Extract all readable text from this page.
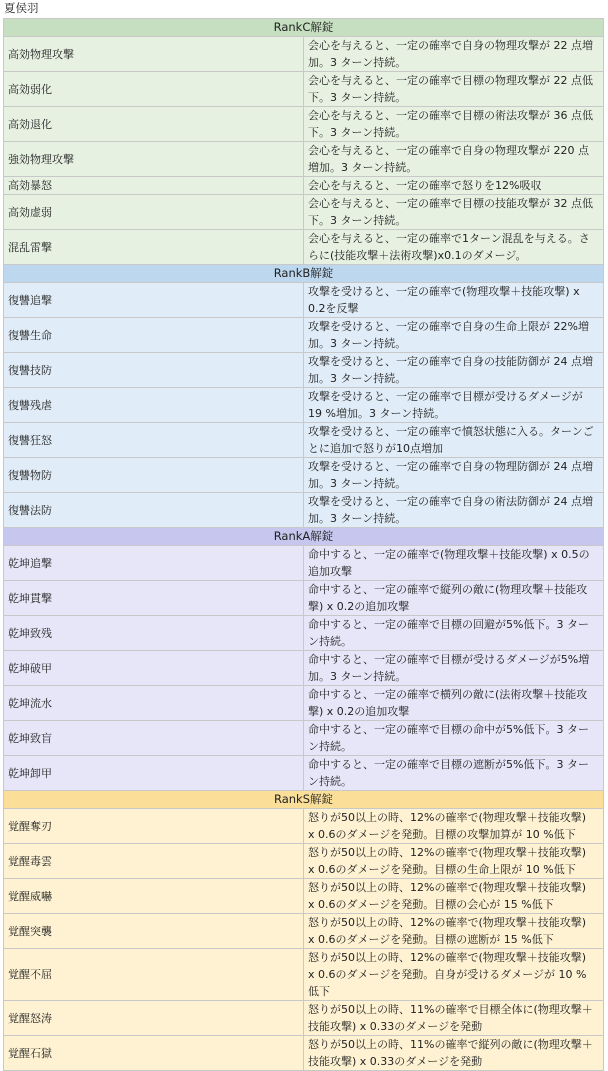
夏侯羽
RankC解錠	
高効物理攻撃	会心を与えると、一定の確率で自身の物理攻撃が 22 点増加。3 ターン持続。
高効弱化	会心を与えると、一定の確率で目標の物理攻撃が 22 点低下。3 ターン持続。
高効退化	会心を与えると、一定の確率で目標の術法攻撃が 36 点低下。3 ターン持続。
強効物理攻撃	会心を与えると、一定の確率で自身の物理攻撃が 220 点増加。3 ターン持続。
高効暴怒	会心を与えると、一定の確率で怒りを12%吸収
高効虚弱	会心を与えると、一定の確率で目標の技能攻撃が 32 点低下。3 ターン持続。
混乱雷撃	会心を与えると、一定の確率で1ターン混乱を与える。さらに(技能攻撃＋法術攻撃)x0.1のダメージ。
RankB解錠	
復讐追撃	攻撃を受けると、一定の確率で(物理攻撃＋技能攻撃) x 0.2を反撃
復讐生命	攻撃を受けると、一定の確率で自身の生命上限が 22%増加。3 ターン持続。
復讐技防	攻撃を受けると、一定の確率で自身の技能防御が 24 点増加。3 ターン持続。
復讐残虐	攻撃を受けると、一定の確率で目標が受けるダメージが 19 %増加。3 ターン持続。
復讐狂怒	攻撃を受けると、一定の確率で憤怒状態に入る。ターンごとに追加で怒りが10点増加
復讐物防	攻撃を受けると、一定の確率で自身の物理防御が 24 点増加。3 ターン持続。
復讐法防	攻撃を受けると、一定の確率で自身の術法防御が 24 点増加。3 ターン持続。
RankA解錠	
乾坤追撃	命中すると、一定の確率で(物理攻撃＋技能攻撃) x 0.5の追加攻撃
乾坤貫撃	命中すると、一定の確率で縦列の敵に(物理攻撃＋技能攻撃) x 0.2の追加攻撃
乾坤致残	命中すると、一定の確率で目標の回避が5%低下。3 ターン持続。
乾坤破甲	命中すると、一定の確率で目標が受けるダメージが5%増加。3 ターン持続。
乾坤流水	命中すると、一定の確率で横列の敵に(法術攻撃＋技能攻撃) x 0.2の追加攻撃
乾坤致盲	命中すると、一定の確率で目標の命中が5%低下。3 ターン持続。
乾坤卸甲	命中すると、一定の確率で目標の遮断が5%低下。3 ターン持続。
RankS解錠	
覚醒奪刃	怒りが50以上の時、12%の確率で(物理攻撃＋技能攻撃) x 0.6のダメージを発動。目標の攻撃加算が 10 %低下
覚醒毒雲	怒りが50以上の時、12%の確率で(物理攻撃＋技能攻撃) x 0.6のダメージを発動。目標の生命上限が 10 %低下
覚醒威嚇	怒りが50以上の時、12%の確率で(物理攻撃＋技能攻撃) x 0.6のダメージを発動。目標の会心が 15 %低下
覚醒突襲	怒りが50以上の時、12%の確率で(物理攻撃＋技能攻撃) x 0.6のダメージを発動。目標の遮断が 15 %低下
覚醒不屈	怒りが50以上の時、12%の確率で(物理攻撃＋技能攻撃) x 0.6のダメージを発動。自身が受けるダメージが 10 %低下
覚醒怒涛	怒りが50以上の時、11%の確率で目標全体に(物理攻撃＋技能攻撃) x 0.33のダメージを発動
覚醒石獄	怒りが50以上の時、11%の確率で縦列の敵に(物理攻撃＋技能攻撃) x 0.33のダメージを発動
